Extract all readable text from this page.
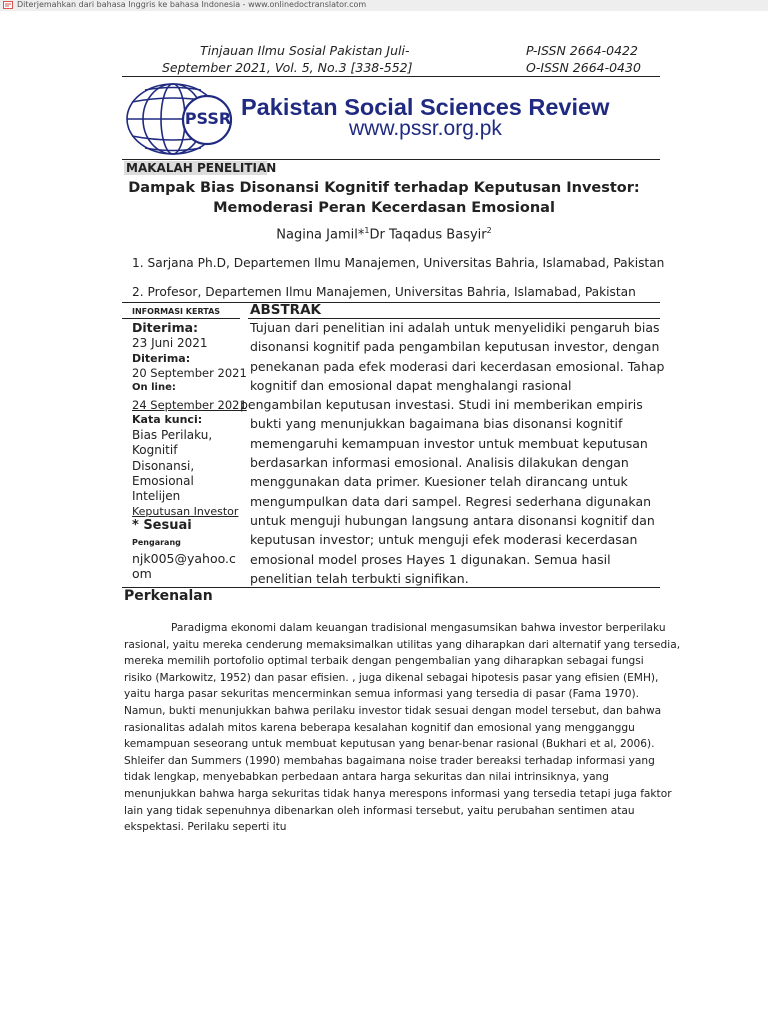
Diterjemahkan dari bahasa Inggris ke bahasa Indonesia - www.onlinedoctranslator.com
Tinjauan Ilmu Sosial Pakistan Juli-
September 2021, Vol. 5, No.3 [338-552]
P-ISSN 2664-0422
O-ISSN 2664-0430
PSSR Pakistan Social Sciences Review
www.pssr.org.pk
MAKALAH PENELITIAN
Dampak Bias Disonansi Kognitif terhadap Keputusan Investor:
Memoderasi Peran Kecerdasan Emosional
Nagina Jamil*$^1$Dr Taqadus Basyir$^2$
1. Sarjana Ph.D, Departemen Ilmu Manajemen, Universitas Bahria, Islamabad, Pakistan
2. Profesor, Departemen Ilmu Manajemen, Universitas Bahria, Islamabad, Pakistan
INFORMASI KERTAS
Diterima:
23 Juni 2021
Diterima:
20 September 2021
On line:
24 September 2021
Kata kunci:
Bias Perilaku,
Kognitif
Disonansi,
Emosional
Intelijen
Keputusan Investor
* Sesuai
Pengarang
njk005@yahoo.c
om
ABSTRAK
Tujuan dari penelitian ini adalah untuk menyelidiki pengaruh bias
disonansi kognitif pada pengambilan keputusan investor, dengan
penekanan pada efek moderasi dari kecerdasan emosional. Tahap
kognitif dan emosional dapat menghalangi rasional
pengambilan keputusan investasi. Studi ini memberikan empiris
bukti yang menunjukkan bagaimana bias disonansi kognitif
memengaruhi kemampuan investor untuk membuat keputusan
berdasarkan informasi emosional. Analisis dilakukan dengan
menggunakan data primer. Kuesioner telah dirancang untuk
mengumpulkan data dari sampel. Regresi sederhana digunakan
untuk menguji hubungan langsung antara disonansi kognitif dan
keputusan investor; untuk menguji efek moderasi kecerdasan
emosional model proses Hayes 1 digunakan. Semua hasil
penelitian telah terbukti signifikan.
Perkenalan
Paradigma ekonomi dalam keuangan tradisional mengasumsikan bahwa investor berperilaku
rasional, yaitu mereka cenderung memaksimalkan utilitas yang diharapkan dari alternatif yang tersedia,
mereka memilih portofolio optimal terbaik dengan pengembalian yang diharapkan sebagai fungsi
risiko (Markowitz, 1952) dan pasar efisien. , juga dikenal sebagai hipotesis pasar yang efisien (EMH),
yaitu harga pasar sekuritas mencerminkan semua informasi yang tersedia di pasar (Fama 1970).
Namun, bukti menunjukkan bahwa perilaku investor tidak sesuai dengan model tersebut, dan bahwa
rasionalitas adalah mitos karena beberapa kesalahan kognitif dan emosional yang mengganggu
kemampuan seseorang untuk membuat keputusan yang benar-benar rasional (Bukhari et al, 2006).
Shleifer dan Summers (1990) membahas bagaimana noise trader bereaksi terhadap informasi yang
tidak lengkap, menyebabkan perbedaan antara harga sekuritas dan nilai intrinsiknya, yang
menunjukkan bahwa harga sekuritas tidak hanya merespons informasi yang tersedia tetapi juga faktor
lain yang tidak sepenuhnya dibenarkan oleh informasi tersebut, yaitu perubahan sentimen atau
ekspektasi. Perilaku seperti itu
